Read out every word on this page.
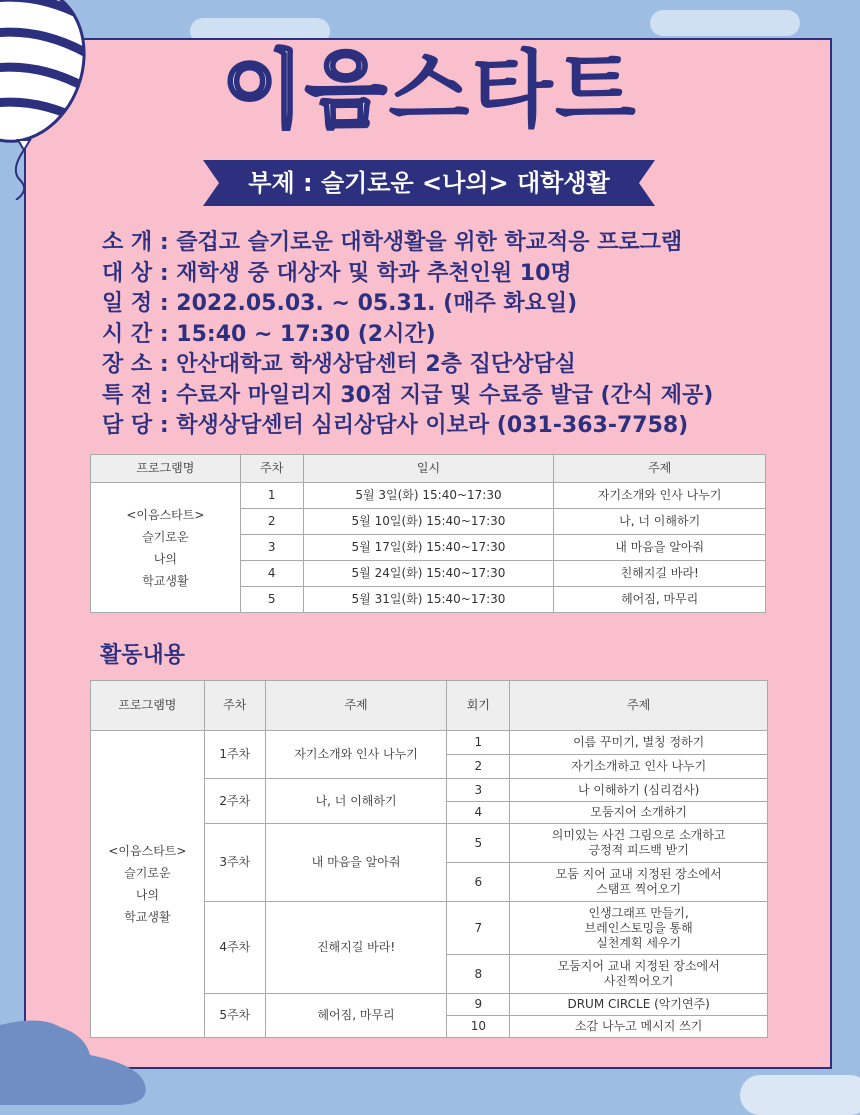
이음스타트
부제 : 슬기로운 <나의> 대학생활
소 개 : 즐겁고 슬기로운 대학생활을 위한 학교적응 프로그램
대 상 : 재학생 중 대상자 및 학과 추천인원 10명
일 정 : 2022.05.03. ~ 05.31. (매주 화요일)
시 간 : 15:40 ~ 17:30 (2시간)
장 소 : 안산대학교 학생상담센터 2층 집단상담실
특 전 : 수료자 마일리지 30점 지급 및 수료증 발급 (간식 제공)
담 당 : 학생상담센터 심리상담사 이보라 (031-363-7758)
프로그램명	주차	일시	주제

<이음스타트>
슬기로운
나의
학교생활	1	5월 3일(화) 15:40~17:30	자기소개와 인사 나누기
	2	5월 10일(화) 15:40~17:30	나, 너 이해하기
	3	5월 17일(화) 15:40~17:30	내 마음을 알아줘
	4	5월 24일(화) 15:40~17:30	친해지길 바라!
	5	5월 31일(화) 15:40~17:30	헤어짐, 마무리
활동내용
프로그램명	주차	주제	회기	주제

<이음스타트>
슬기로운
나의
학교생활	1주차	자기소개와 인사 나누기	1	이름 꾸미기, 별칭 정하기

			2	자기소개하고 인사 나누기

	2주차	나, 너 이해하기	3	나 이해하기 (심리검사)

			4	모둠지어 소개하기

	3주차	내 마음을 알아줘	5	의미있는 사건 그림으로 소개하고
긍정적 피드백 받기

			6	모둠 지어 교내 지정된 장소에서
스탬프 찍어오기

	4주차	진해지길 바라!	7	인생그래프 만들기,
브레인스토밍을 통해
실천계획 세우기

			8	모둠지어 교내 지정된 장소에서
사진찍어오기

	5주차	헤어짐, 마무리	9	DRUM CIRCLE (악기연주)

			10	소감 나누고 메시지 쓰기
